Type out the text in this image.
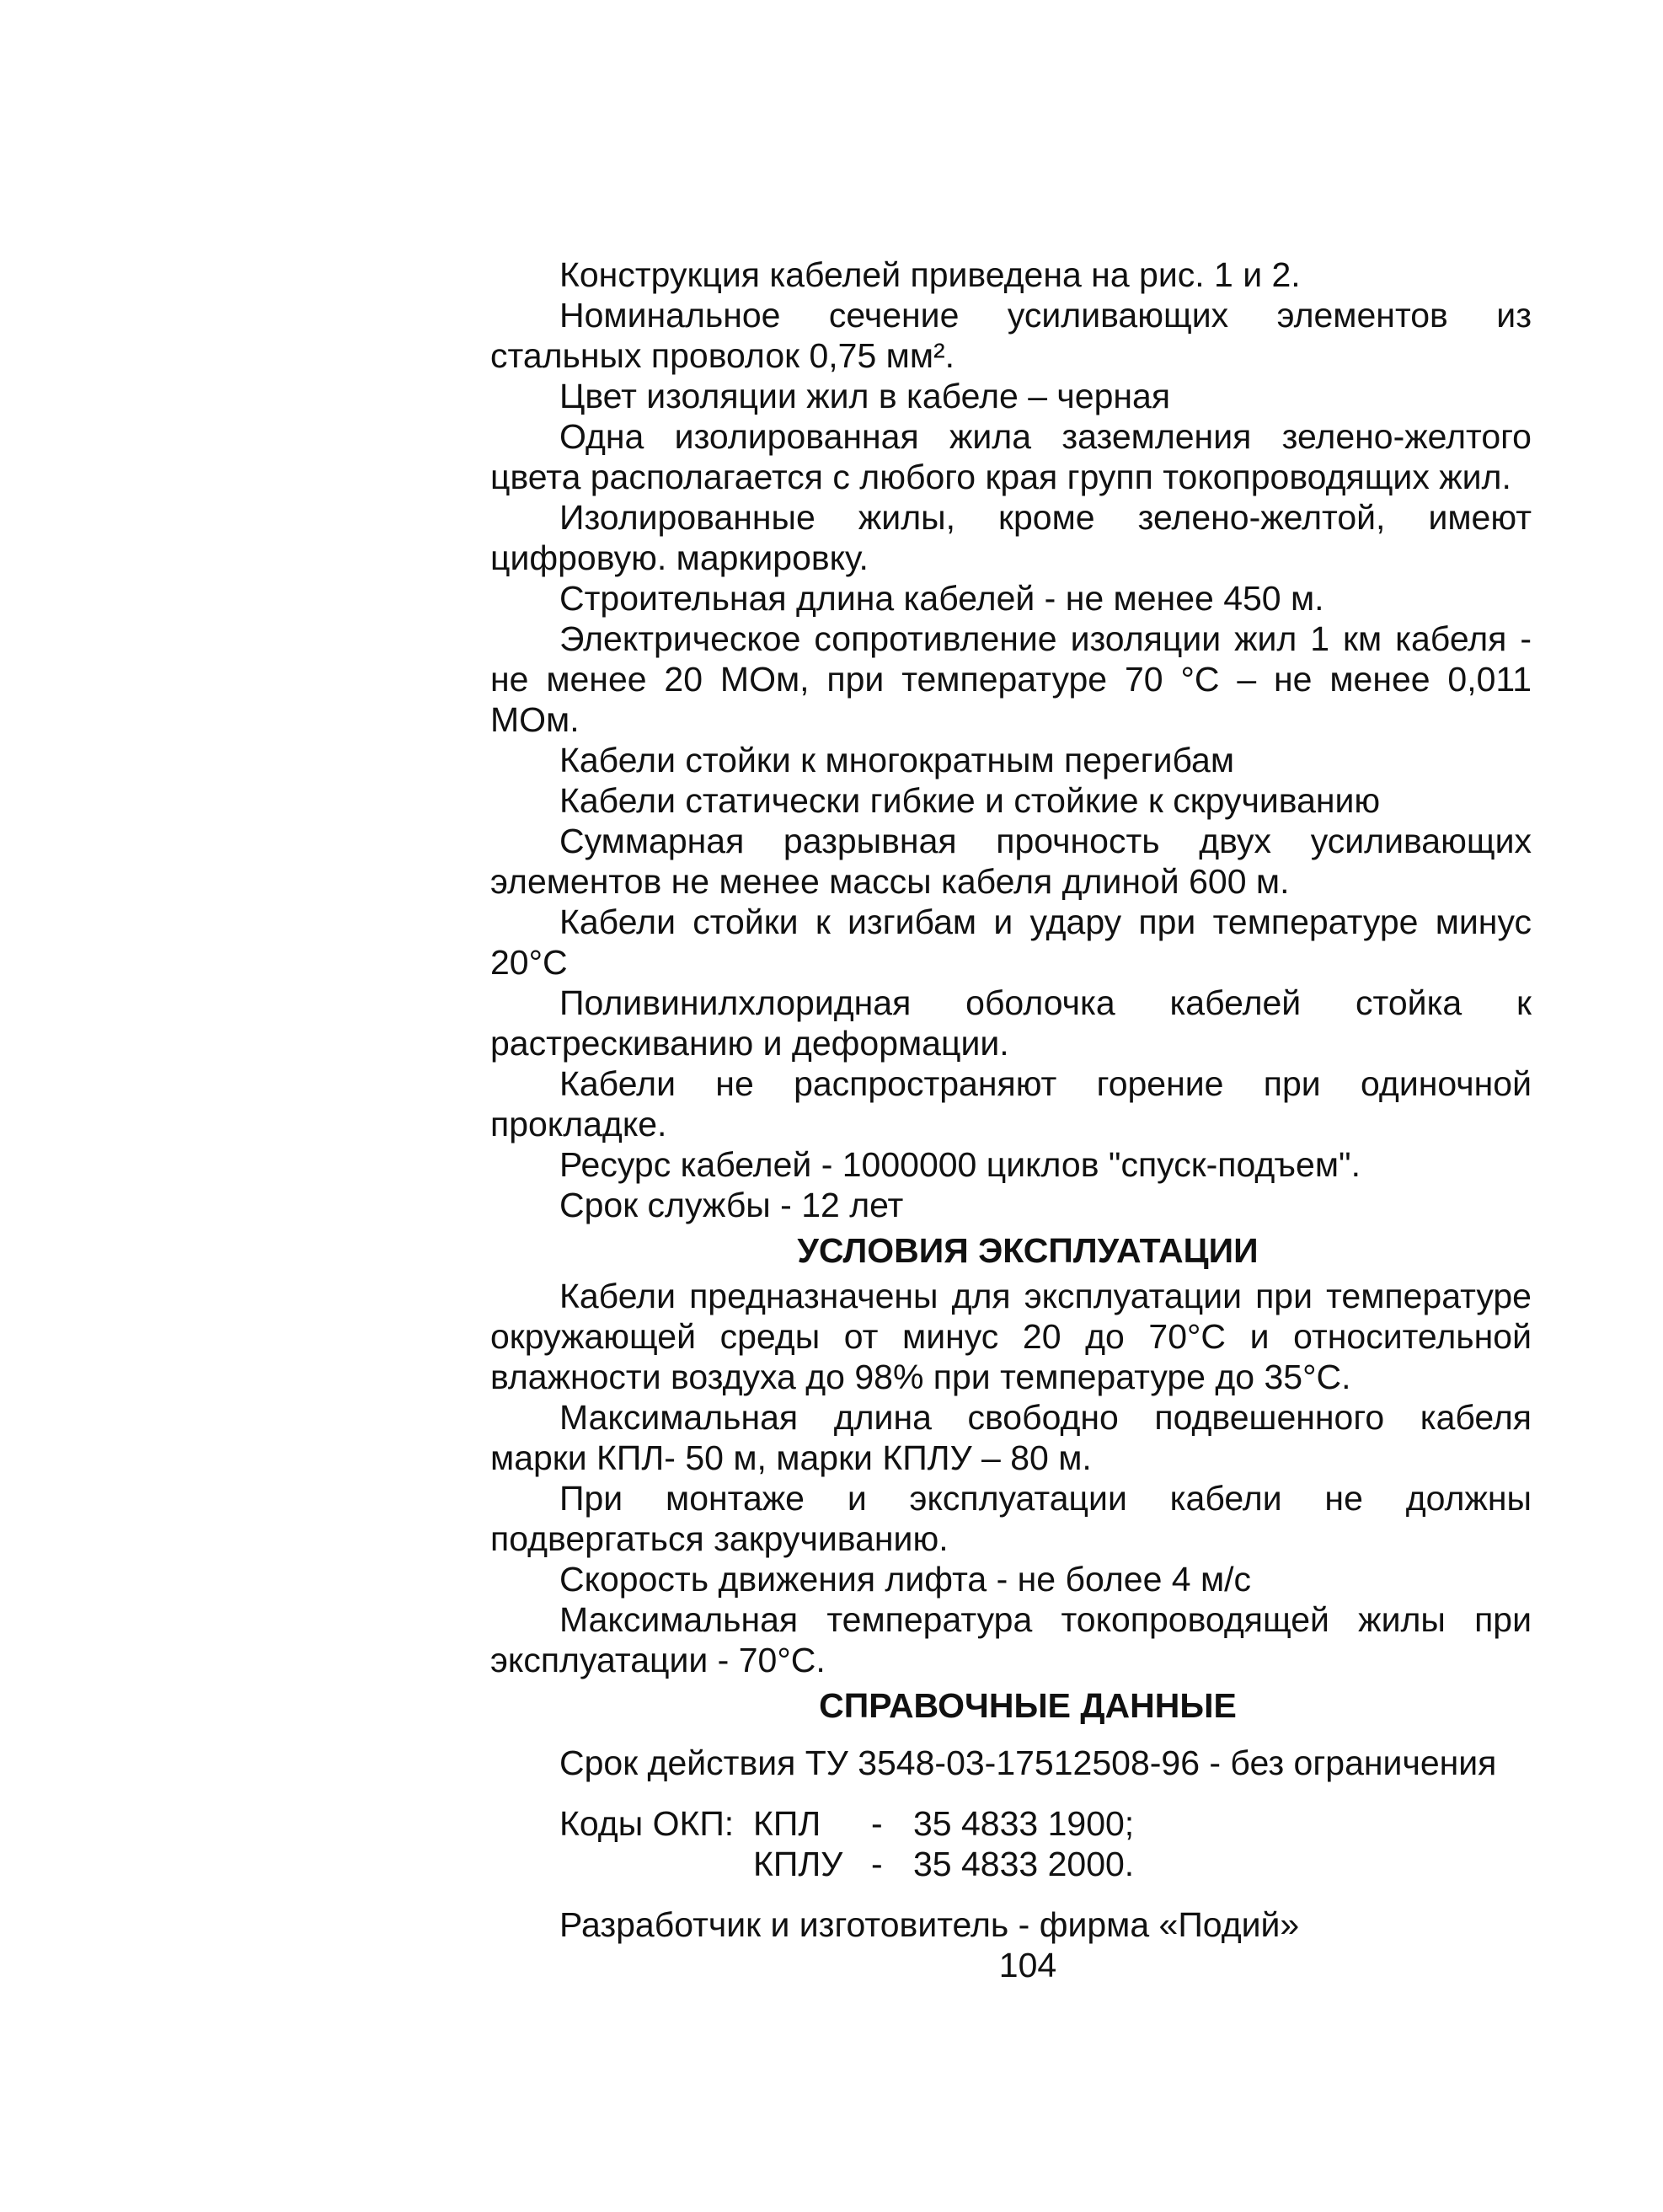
Конструкция кабелей приведена на рис. 1 и 2.

Номинальное сечение усиливающих элементов из стальных проволок 0,75 мм².

Цвет изоляции жил в кабеле – черная

Одна изолированная жила заземления зелено-желтого цвета располагается с любого края групп токопроводящих жил.

Изолированные жилы, кроме зелено-желтой, имеют цифровую. маркировку.

Строительная длина кабелей - не менее 450 м.

Электрическое сопротивление изоляции жил 1 км кабеля - не менее 20 МОм, при температуре 70 °С – не менее 0,011 МОм.

Кабели стойки к многократным перегибам

Кабели статически гибкие и стойкие к скручиванию

Суммарная разрывная прочность двух усиливающих элементов не менее массы кабеля длиной 600 м.

Кабели стойки к изгибам и удару при температуре минус 20°С

Поливинилхлоридная оболочка кабелей стойка к растрескиванию и деформации.

Кабели не распространяют горение при одиночной прокладке.

Ресурс кабелей - 1000000 циклов "спуск-подъем".

Срок службы - 12 лет

УСЛОВИЯ ЭКСПЛУАТАЦИИ

Кабели предназначены для эксплуатации при температуре окружающей среды от минус 20 до 70°С и относительной влажности воздуха до 98% при температуре до 35°С.

Максимальная длина свободно подвешенного кабеля марки КПЛ- 50 м, марки КПЛУ – 80 м.

При монтаже и эксплуатации кабели не должны подвергаться закручиванию.

Скорость движения лифта - не более 4 м/с

Максимальная температура токопроводящей жилы при эксплуатации - 70°С.

СПРАВОЧНЫЕ ДАННЫЕ

Срок действия ТУ 3548-03-17512508-96 - без ограничения

Коды ОКП: КПЛ	- 35 4833 1900;
КПЛУ - 35 4833 2000.

Разработчик и изготовитель - фирма «Подий»

104
